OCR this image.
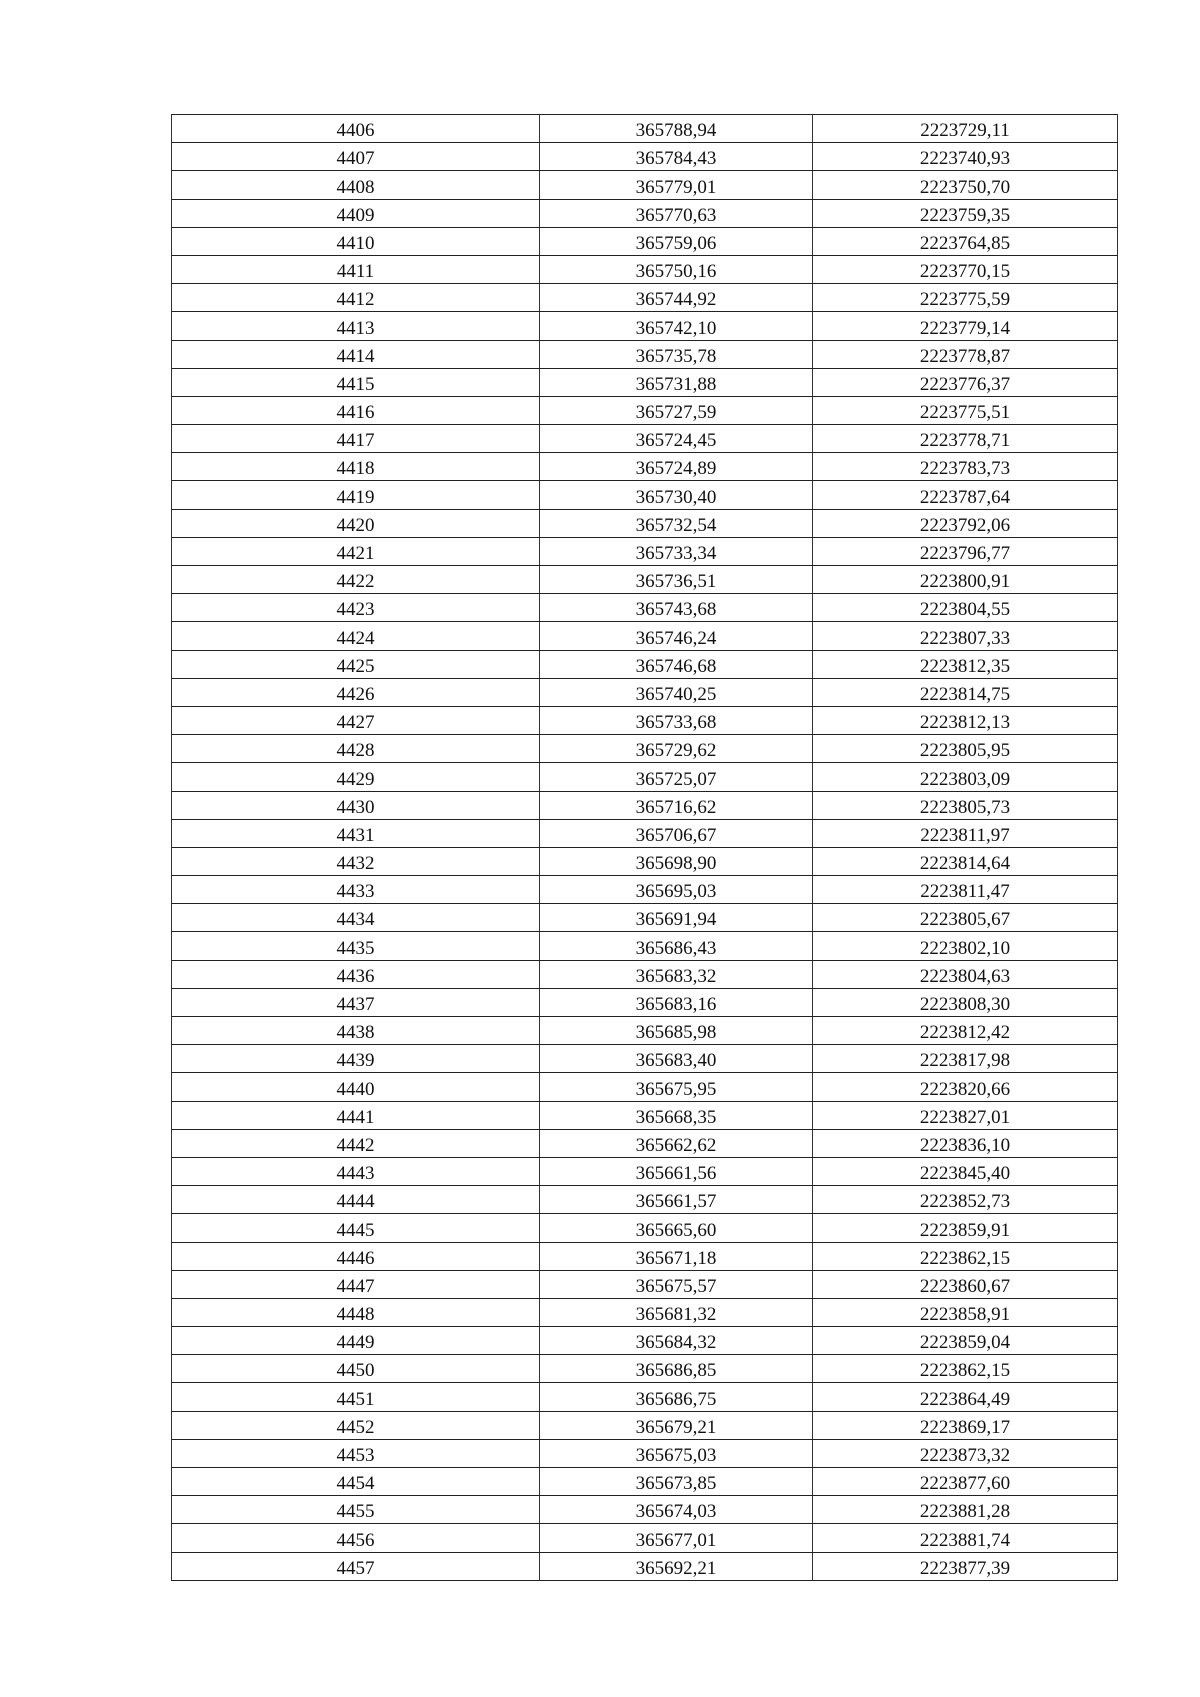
4406	365788,94	2223729,11
4407	365784,43	2223740,93
4408	365779,01	2223750,70
4409	365770,63	2223759,35
4410	365759,06	2223764,85
4411	365750,16	2223770,15
4412	365744,92	2223775,59
4413	365742,10	2223779,14
4414	365735,78	2223778,87
4415	365731,88	2223776,37
4416	365727,59	2223775,51
4417	365724,45	2223778,71
4418	365724,89	2223783,73
4419	365730,40	2223787,64
4420	365732,54	2223792,06
4421	365733,34	2223796,77
4422	365736,51	2223800,91
4423	365743,68	2223804,55
4424	365746,24	2223807,33
4425	365746,68	2223812,35
4426	365740,25	2223814,75
4427	365733,68	2223812,13
4428	365729,62	2223805,95
4429	365725,07	2223803,09
4430	365716,62	2223805,73
4431	365706,67	2223811,97
4432	365698,90	2223814,64
4433	365695,03	2223811,47
4434	365691,94	2223805,67
4435	365686,43	2223802,10
4436	365683,32	2223804,63
4437	365683,16	2223808,30
4438	365685,98	2223812,42
4439	365683,40	2223817,98
4440	365675,95	2223820,66
4441	365668,35	2223827,01
4442	365662,62	2223836,10
4443	365661,56	2223845,40
4444	365661,57	2223852,73
4445	365665,60	2223859,91
4446	365671,18	2223862,15
4447	365675,57	2223860,67
4448	365681,32	2223858,91
4449	365684,32	2223859,04
4450	365686,85	2223862,15
4451	365686,75	2223864,49
4452	365679,21	2223869,17
4453	365675,03	2223873,32
4454	365673,85	2223877,60
4455	365674,03	2223881,28
4456	365677,01	2223881,74
4457	365692,21	2223877,39
